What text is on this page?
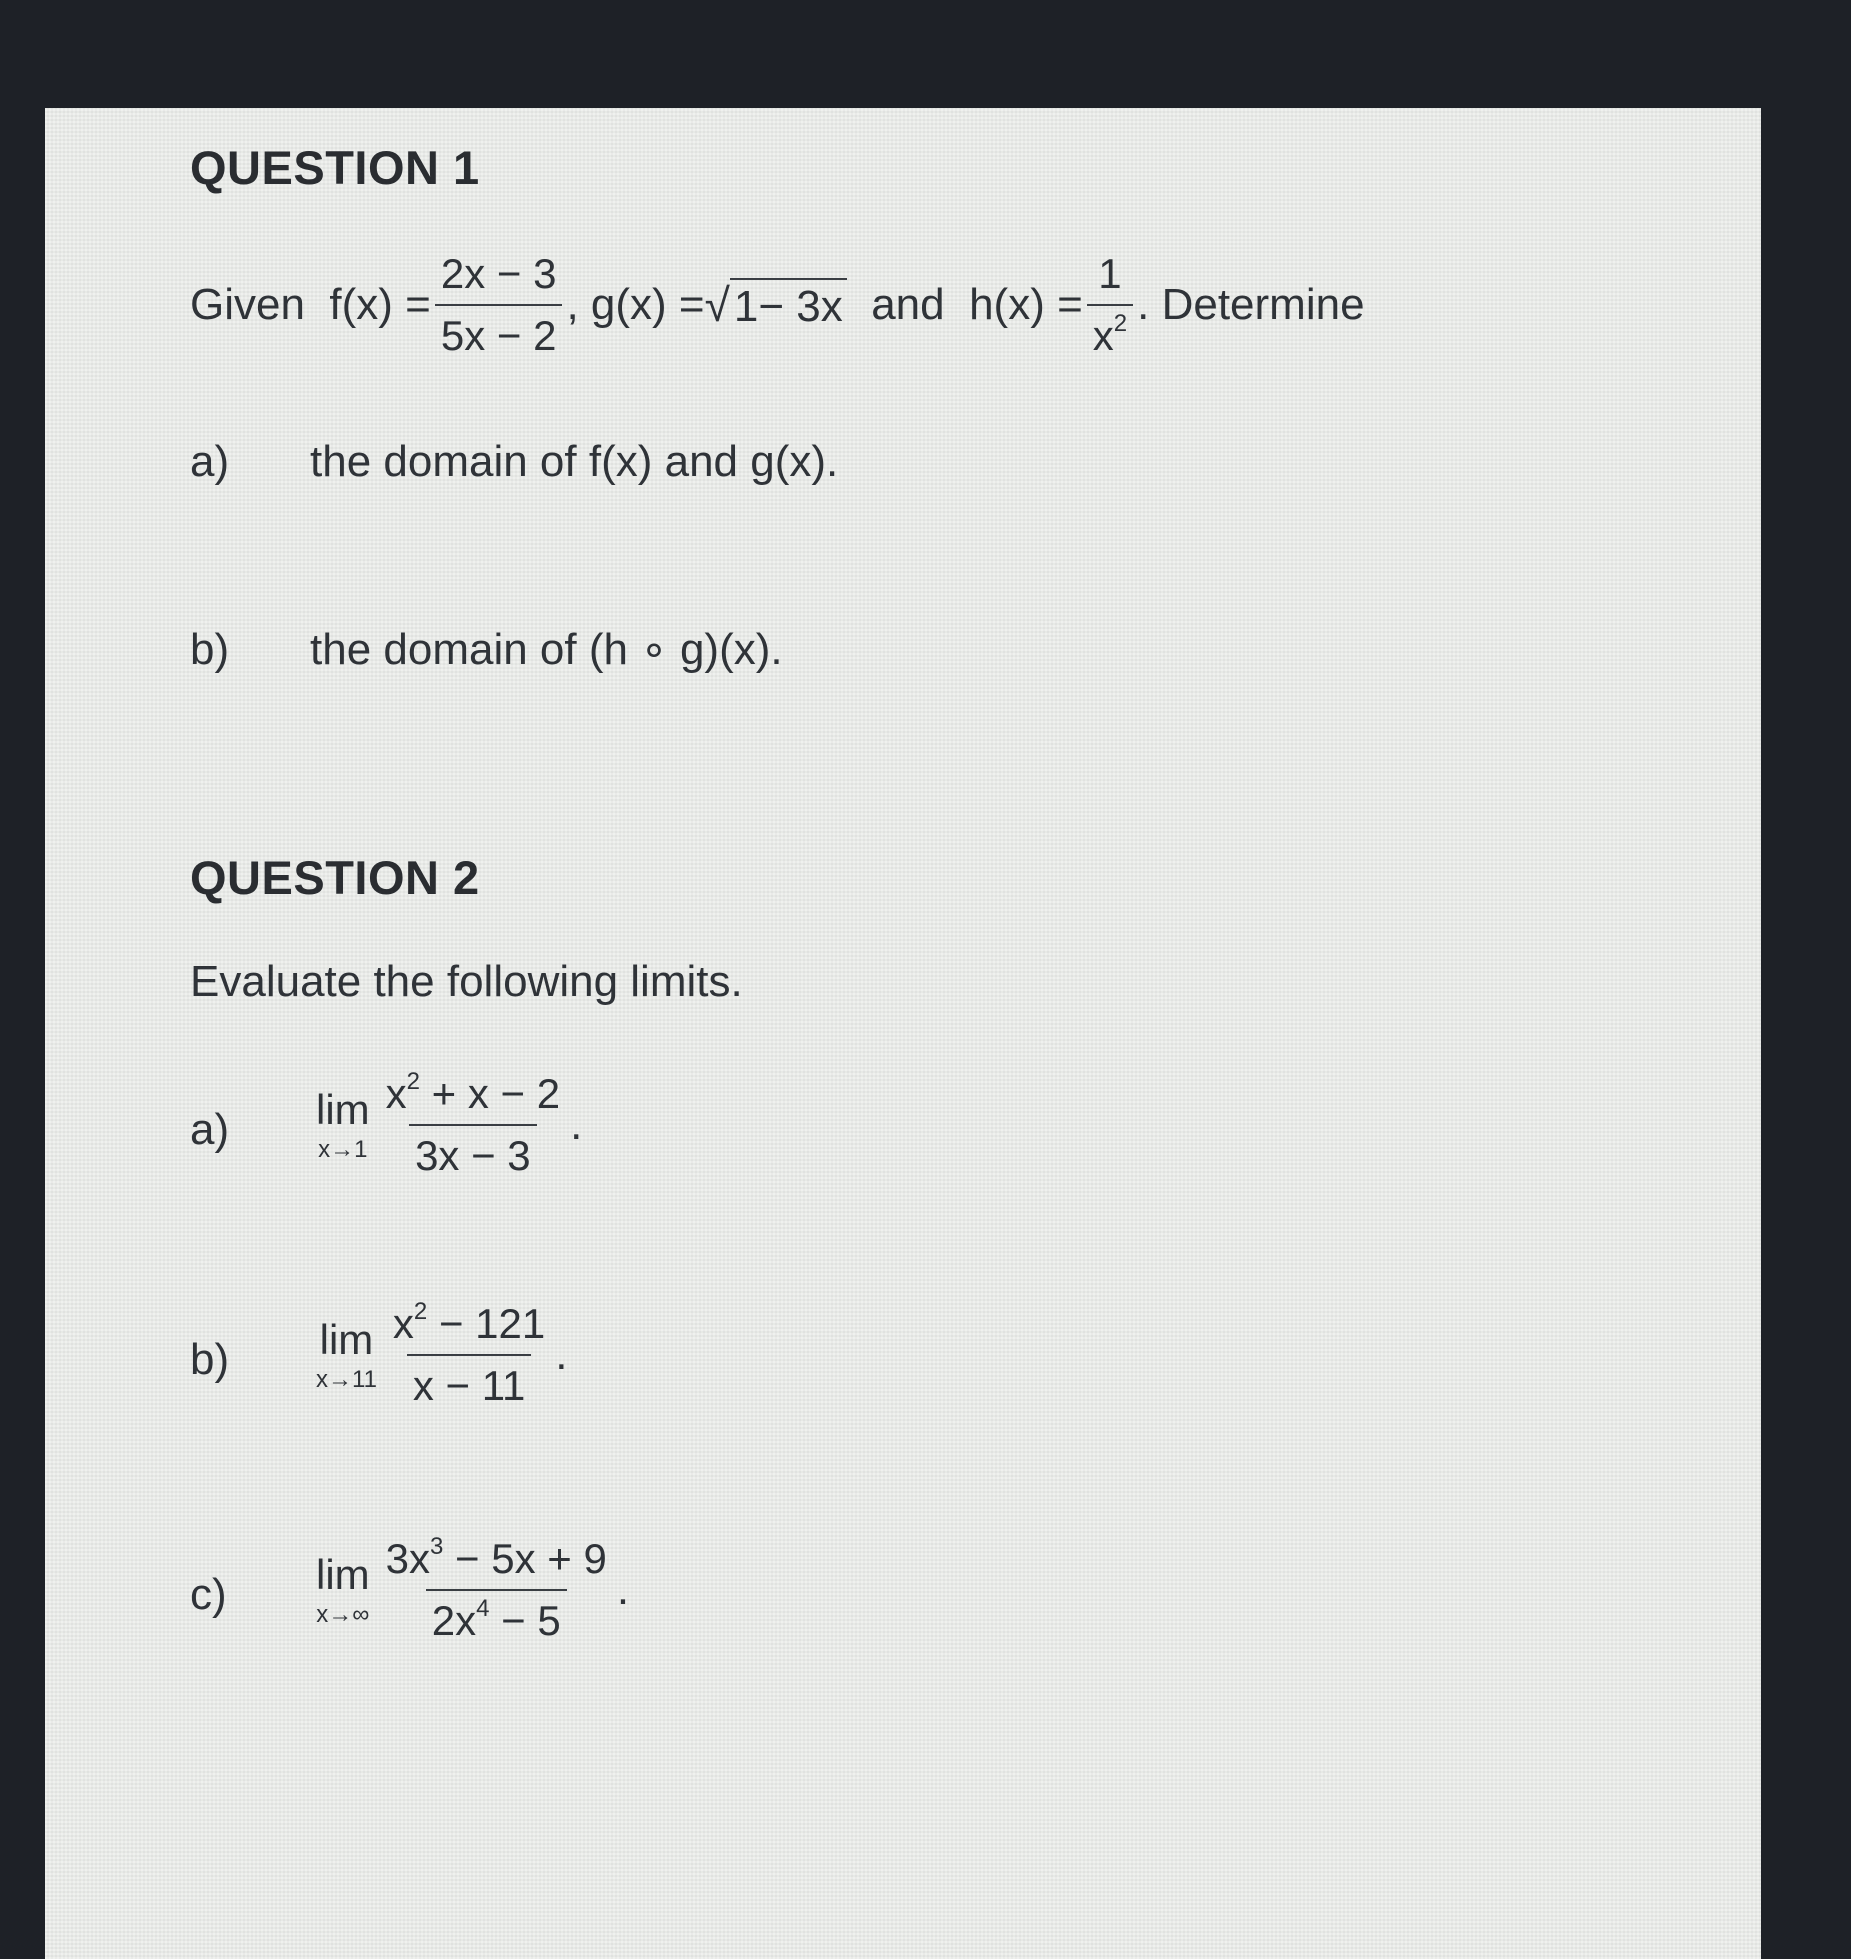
QUESTION 1
Given
$f(x) = \frac{2x - 3}{5x - 2}$ ,
g(x) = √ 1− 3x
and
$h(x) = \frac{1}{x^2}$ . Determine
a) the domain of f(x) and g(x).
b) the domain of (h ∘ g)(x).
QUESTION 2
Evaluate the following limits.
a) lim
$x\to 1 \frac{x^2 + x - 2}{3x - 3}$ .
b) lim
$x\to 11 \frac{x^2 - 121}{x - 11}$ .
c) lim
$x\to\infty \frac{3x^3 - 5x + 9}{2x^4 - 5}$ .
